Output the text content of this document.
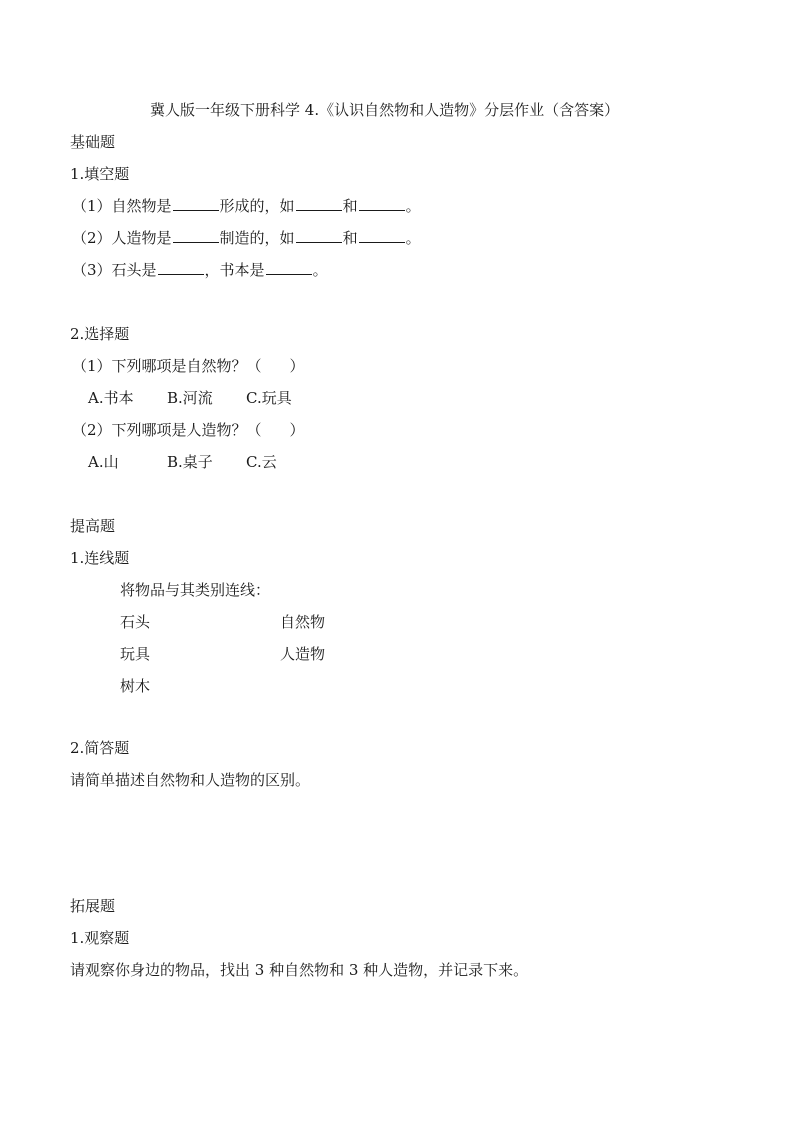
冀人版一年级下册科学 4.《认识自然物和人造物》分层作业（含答案）
基础题
1.填空题
（1）自然物是	形成的，如	和	。
（2）人造物是	制造的，如	和	。
（3）石头是	，书本是	。
2.选择题
（1）下列哪项是自然物？（ ）
A.书本 B.河流 C.玩具
（2）下列哪项是人造物？（ ）
A.山	B.桌子 C.云
提高题
1.连线题
将物品与其类别连线：
石头	自然物
玩具	人造物
树木
2.简答题
请简单描述自然物和人造物的区别。
拓展题
1.观察题
请观察你身边的物品，找出 3 种自然物和 3 种人造物，并记录下来。
